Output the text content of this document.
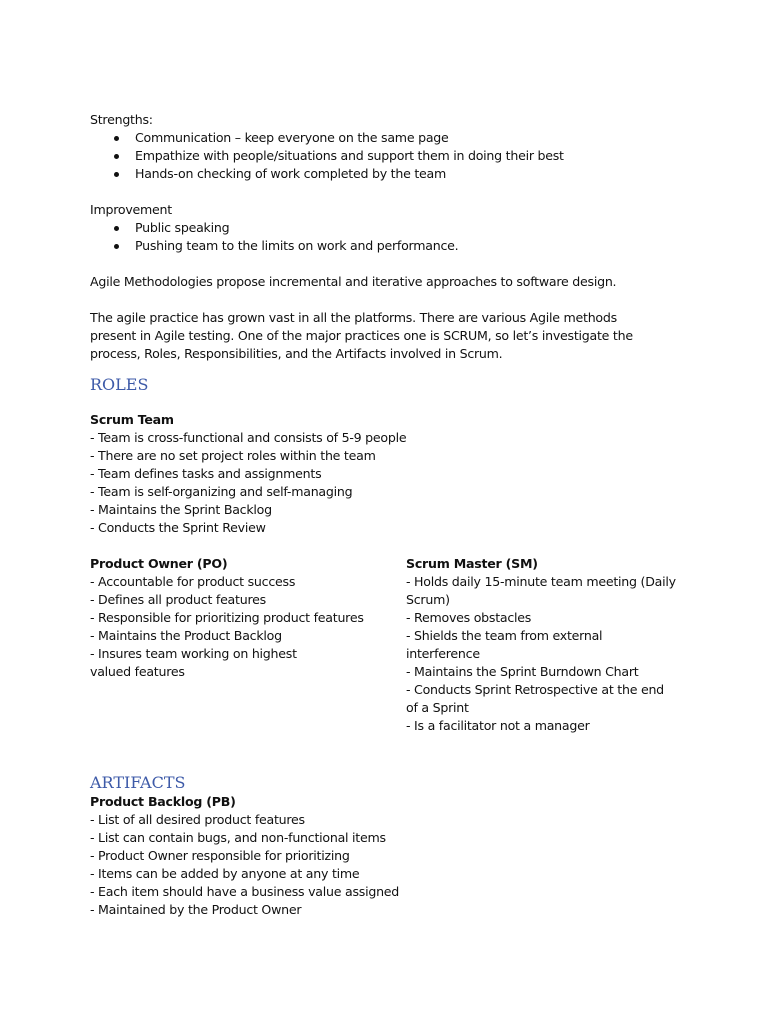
Strengths:

Communication – keep everyone on the same page
Empathize with people/situations and support them in doing their best
Hands-on checking of work completed by the team

Improvement

Public speaking
Pushing team to the limits on work and performance.

Agile Methodologies propose incremental and iterative approaches to software design.

The agile practice has grown vast in all the platforms. There are various Agile methods present in Agile testing. One of the major practices one is SCRUM, so let’s investigate the process, Roles, Responsibilities, and the Artifacts involved in Scrum.

ROLES
Scrum Team
- Team is cross-functional and consists of 5-9 people
- There are no set project roles within the team
- Team defines tasks and assignments
- Team is self-organizing and self-managing
- Maintains the Sprint Backlog
- Conducts the Sprint Review
Product Owner (PO)
- Accountable for product success
- Defines all product features
- Responsible for prioritizing product features
- Maintains the Product Backlog
- Insures team working on highest valued features
Scrum Master (SM)
- Holds daily 15-minute team meeting (Daily Scrum)
- Removes obstacles
- Shields the team from external interference
- Maintains the Sprint Burndown Chart
- Conducts Sprint Retrospective at the end of a Sprint
- Is a facilitator not a manager
ARTIFACTS
Product Backlog (PB)
- List of all desired product features
- List can contain bugs, and non-functional items
- Product Owner responsible for prioritizing
- Items can be added by anyone at any time
- Each item should have a business value assigned
- Maintained by the Product Owner
